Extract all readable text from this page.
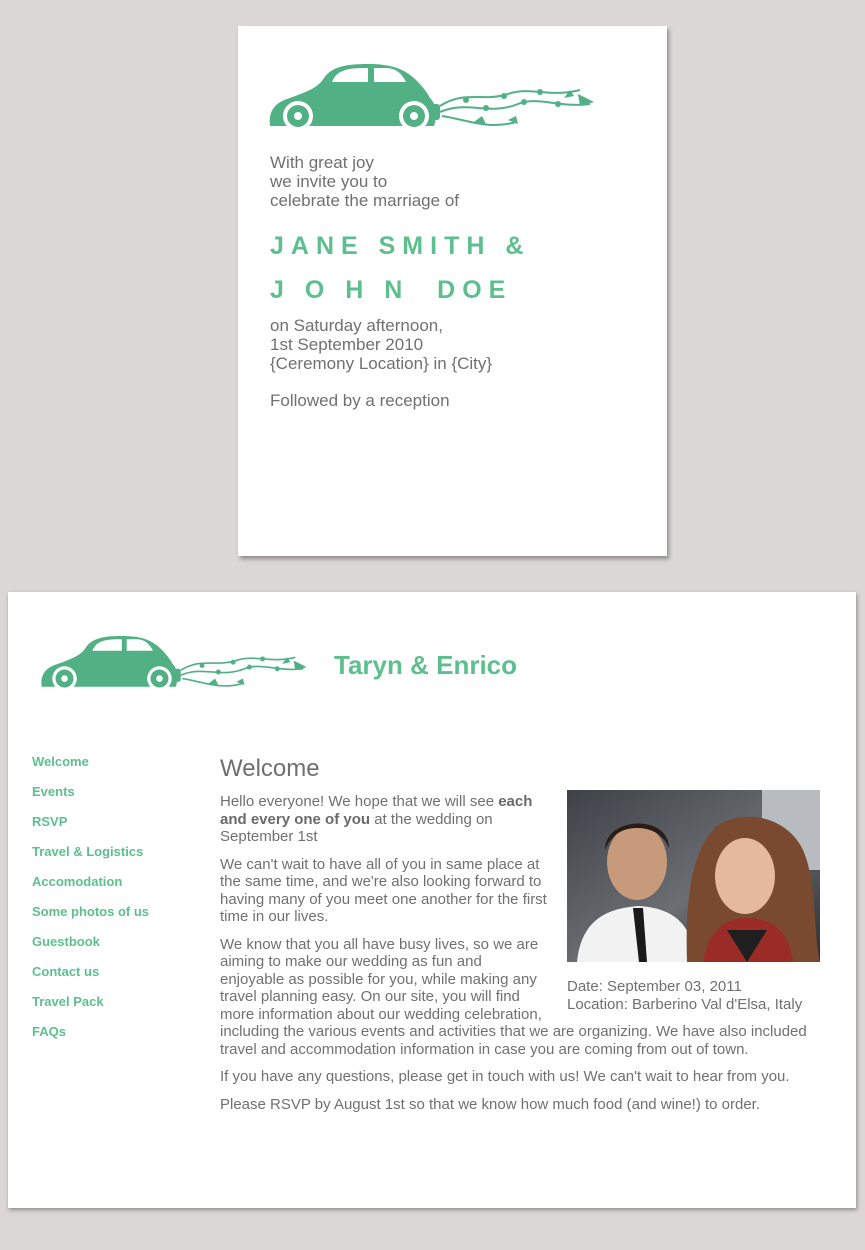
With great joy
we invite you to
celebrate the marriage of
JANE SMITH &
J O H N  DOE
on Saturday afternoon,
1st September 2010
{Ceremony Location} in {City}
Followed by a reception
Taryn & Enrico
Welcome
Events
RSVP
Travel & Logistics
Accomodation
Some photos of us
Guestbook
Contact us
Travel Pack
FAQs
Welcome
Date: September 03, 2011
Location: Barberino Val d'Elsa, Italy

Hello everyone! We hope that we will see each and every one of you at the wedding on September 1st

We can't wait to have all of you in same place at the same time, and we're also looking forward to having many of you meet one another for the first time in our lives.

We know that you all have busy lives, so we are aiming to make our wedding as fun and enjoyable as possible for you, while making any travel planning easy. On our site, you will find more information about our wedding celebration, including the various events and activities that we are organizing. We have also included travel and accommodation information in case you are coming from out of town.

If you have any questions, please get in touch with us! We can't wait to hear from you.

Please RSVP by August 1st so that we know how much food (and wine!) to order.
